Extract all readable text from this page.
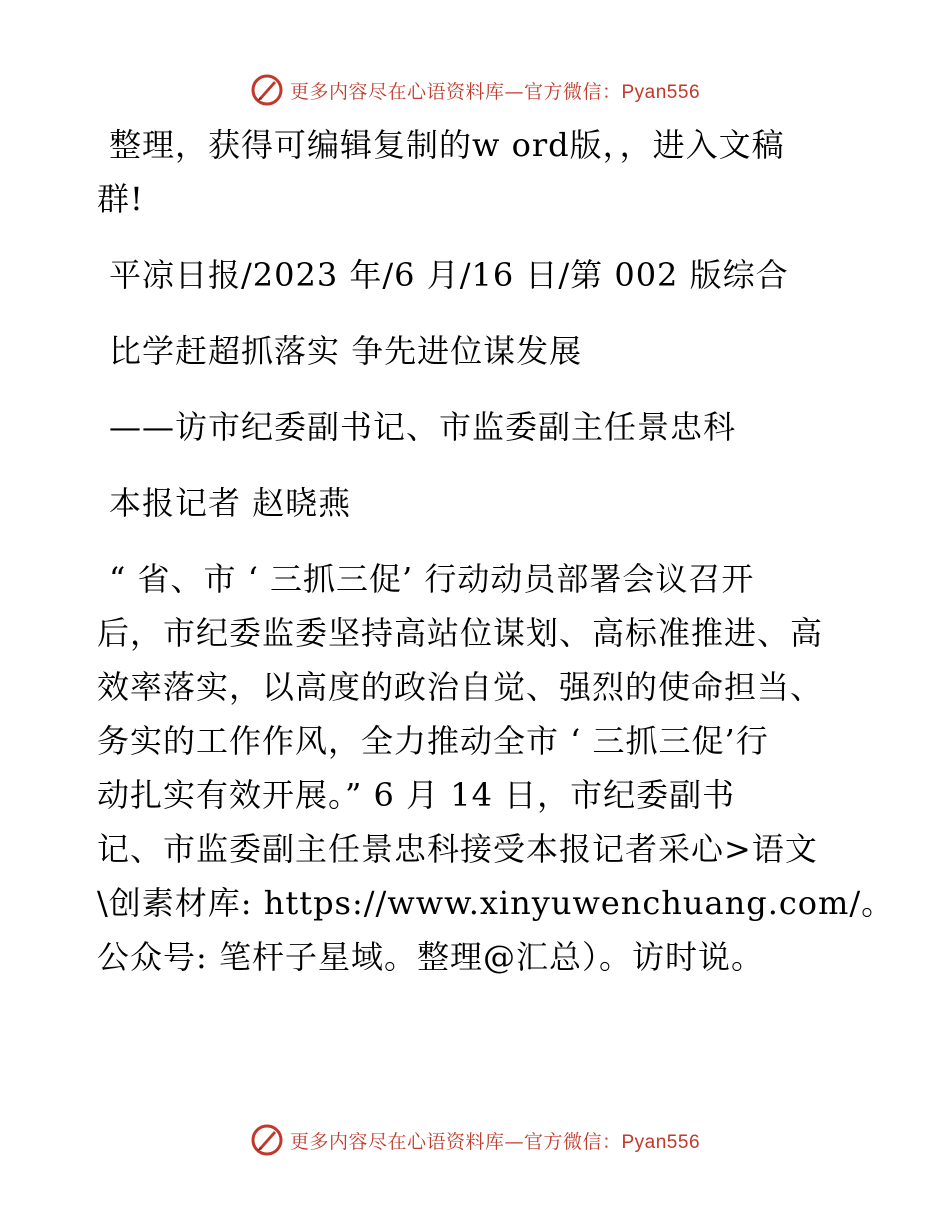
更多内容尽在心语资料库—官方微信：Pyan556
整理，获得可编辑复制的w ord版，，进入文稿
群!
平凉日报/2023 年/6 月/16 日/第 002 版综合
比学赶超抓落实 争先进位谋发展
——访市纪委副书记、市监委副主任景忠科
本报记者 赵晓燕
“ 省、市 ‘ 三抓三促’ 行动动员部署会议召开
后，市纪委监委坚持高站位谋划、高标准推进、高
效率落实，以高度的政治自觉、强烈的使命担当、
务实的工作作风，全力推动全市 ‘ 三抓三促’行
动扎实有效开展。” 6 月 14 日，市纪委副书
记、市监委副主任景忠科接受本报记者采心>语文
\创素材库: https://www.xinyuwenchuang.com/。
公众号: 笔杆子星域。整理@汇总）。访时说。
更多内容尽在心语资料库—官方微信：Pyan556
